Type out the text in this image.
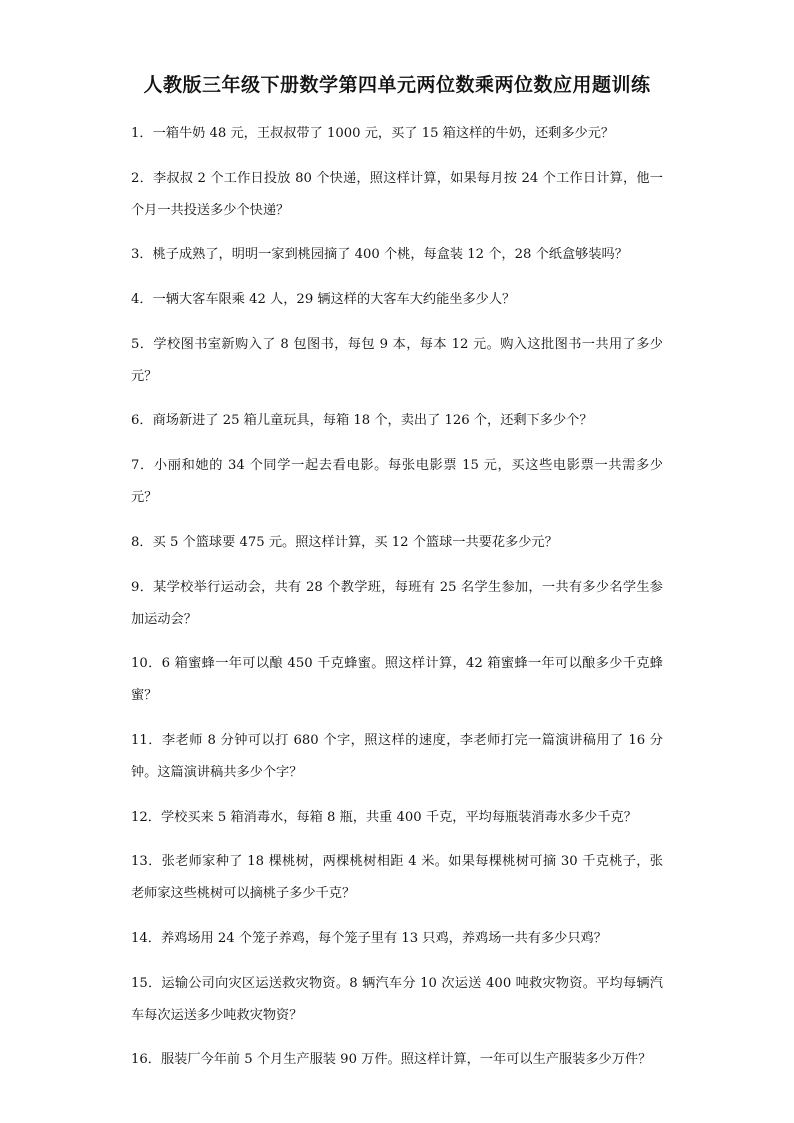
人教版三年级下册数学第四单元两位数乘两位数应用题训练
1．一箱牛奶 48 元，王叔叔带了 1000 元，买了 15 箱这样的牛奶，还剩多少元？
2．李叔叔 2 个工作日投放 80 个快递，照这样计算，如果每月按 24 个工作日计算，他一个月一共投送多少个快递？
3．桃子成熟了，明明一家到桃园摘了 400 个桃，每盒装 12 个，28 个纸盒够装吗？
4．一辆大客车限乘 42 人，29 辆这样的大客车大约能坐多少人？
5．学校图书室新购入了 8 包图书，每包 9 本，每本 12 元。购入这批图书一共用了多少元？
6．商场新进了 25 箱儿童玩具，每箱 18 个，卖出了 126 个，还剩下多少个？
7．小丽和她的 34 个同学一起去看电影。每张电影票 15 元，买这些电影票一共需多少元？
8．买 5 个篮球要 475 元。照这样计算，买 12 个篮球一共要花多少元？
9．某学校举行运动会，共有 28 个教学班，每班有 25 名学生参加，一共有多少名学生参加运动会？
10．6 箱蜜蜂一年可以酿 450 千克蜂蜜。照这样计算，42 箱蜜蜂一年可以酿多少千克蜂蜜？
11．李老师 8 分钟可以打 680 个字，照这样的速度，李老师打完一篇演讲稿用了 16 分钟。这篇演讲稿共多少个字？
12．学校买来 5 箱消毒水，每箱 8 瓶，共重 400 千克，平均每瓶装消毒水多少千克？
13．张老师家种了 18 棵桃树，两棵桃树相距 4 米。如果每棵桃树可摘 30 千克桃子，张老师家这些桃树可以摘桃子多少千克？
14．养鸡场用 24 个笼子养鸡，每个笼子里有 13 只鸡，养鸡场一共有多少只鸡？
15．运输公司向灾区运送救灾物资。8 辆汽车分 10 次运送 400 吨救灾物资。平均每辆汽车每次运送多少吨救灾物资？
16．服装厂今年前 5 个月生产服装 90 万件。照这样计算，一年可以生产服装多少万件？
